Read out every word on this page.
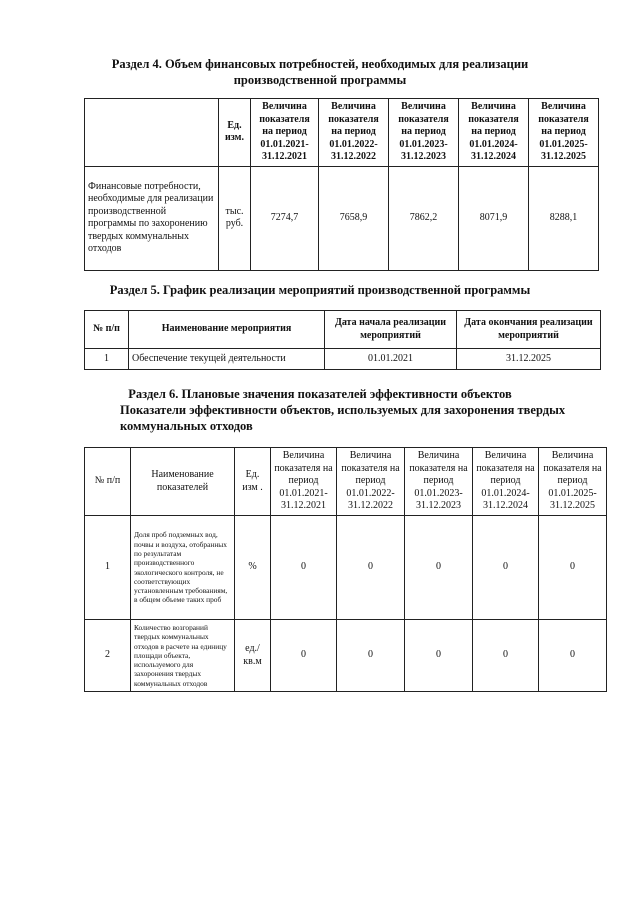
Раздел 4. Объем финансовых потребностей, необходимых для реализации
производственной программы
	Ед. изм.	Величина показателя на период 01.01.2021-31.12.2021	Величина показателя на период 01.01.2022-31.12.2022	Величина показателя на период 01.01.2023-31.12.2023	Величина показателя на период 01.01.2024-31.12.2024	Величина показателя на период 01.01.2025-31.12.2025
Финансовые потребности, необходимые для реализации производственной программы по захоронению твердых коммунальных отходов	тыс. руб.	7274,7	7658,9	7862,2	8071,9	8288,1
Раздел 5. График реализации мероприятий производственной программы
№ п/п	Наименование мероприятия	Дата начала реализации мероприятий	Дата окончания реализации мероприятий
1	Обеспечение текущей деятельности	01.01.2021	31.12.2025
Раздел 6. Плановые значения показателей эффективности объектов
Показатели эффективности объектов, используемых для захоронения твердых
коммунальных отходов
№ п/п	Наименование показателей	Ед. изм .	Величина показателя на период 01.01.2021-31.12.2021	Величина показателя на период 01.01.2022-31.12.2022	Величина показателя на период 01.01.2023-31.12.2023	Величина показателя на период 01.01.2024-31.12.2024	Величина показателя на период 01.01.2025-31.12.2025
1	Доля проб подземных вод, почвы и воздуха, отобранных по результатам производственного экологического контроля, не соответствующих установленным требованиям, в общем объеме таких проб	%	0	0	0	0	0
2	Количество возгораний твердых коммунальных отходов в расчете на единицу площади объекта, используемого для захоронения твердых коммунальных отходов	ед./ кв.м	0	0	0	0	0
